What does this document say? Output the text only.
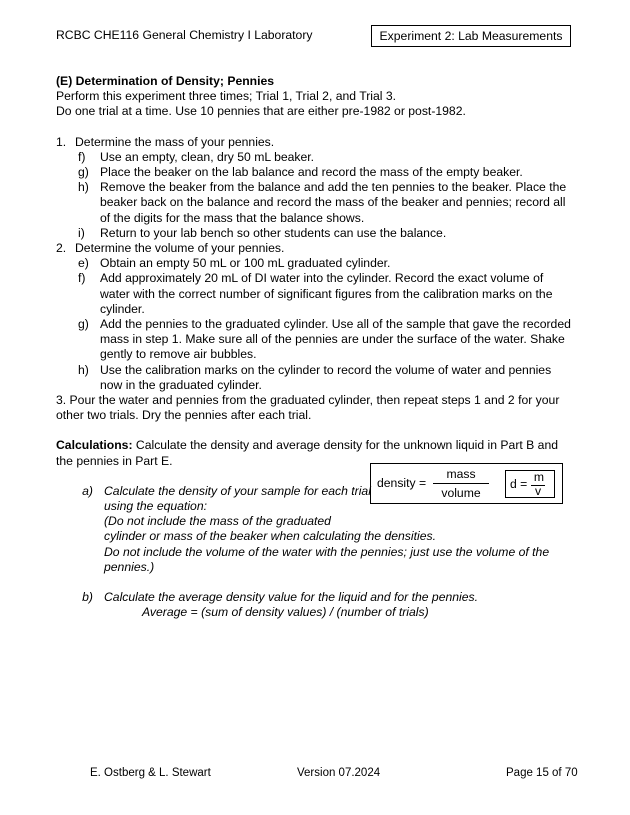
RCBC CHE116 General Chemistry I Laboratory	Experiment 2: Lab Measurements

(E) Determination of Density; Pennies

Perform this experiment three times; Trial 1, Trial 2, and Trial 3.

Do one trial at a time. Use 10 pennies that are either pre-1982 or post-1982.

1. Determine the mass of your pennies.
f)	Use an empty, clean, dry 50 mL beaker.
g) Place the beaker on the lab balance and record the mass of the empty beaker.
h) Remove the beaker from the balance and add the ten pennies to the beaker. Place the beaker back on the balance and record the mass of the beaker and pennies; record all of the digits for the mass that the balance shows.
i)	Return to your lab bench so other students can use the balance.
2. Determine the volume of your pennies.
e) Obtain an empty 50 mL or 100 mL graduated cylinder.
f)	Add approximately 20 mL of DI water into the cylinder. Record the exact volume of water with the correct number of significant figures from the calibration marks on the cylinder.
g) Add the pennies to the graduated cylinder. Use all of the sample that gave the recorded mass in step 1. Make sure all of the pennies are under the surface of the water. Shake gently to remove air bubbles.
h) Use the calibration marks on the cylinder to record the volume of water and pennies now in the graduated cylinder.

3. Pour the water and pennies from the graduated cylinder, then repeat steps 1 and 2 for your other two trials. Dry the pennies after each trial.

Calculations: Calculate the density and average density for the unknown liquid in Part B and the pennies in Part E.

a) Calculate the density of your sample for each trial
using the equation:
(Do not include the mass of the graduated
cylinder or mass of the beaker when calculating the densities.
Do not include the volume of the water with the pennies; just use the volume of the pennies.)
b) Calculate the average density value for the liquid and for the pennies.
Average = (sum of density values) / (number of trials)
density =
mass
volume
d = m
v
E. Ostberg & L. Stewart	Version 07.2024	Page 15 of 70
